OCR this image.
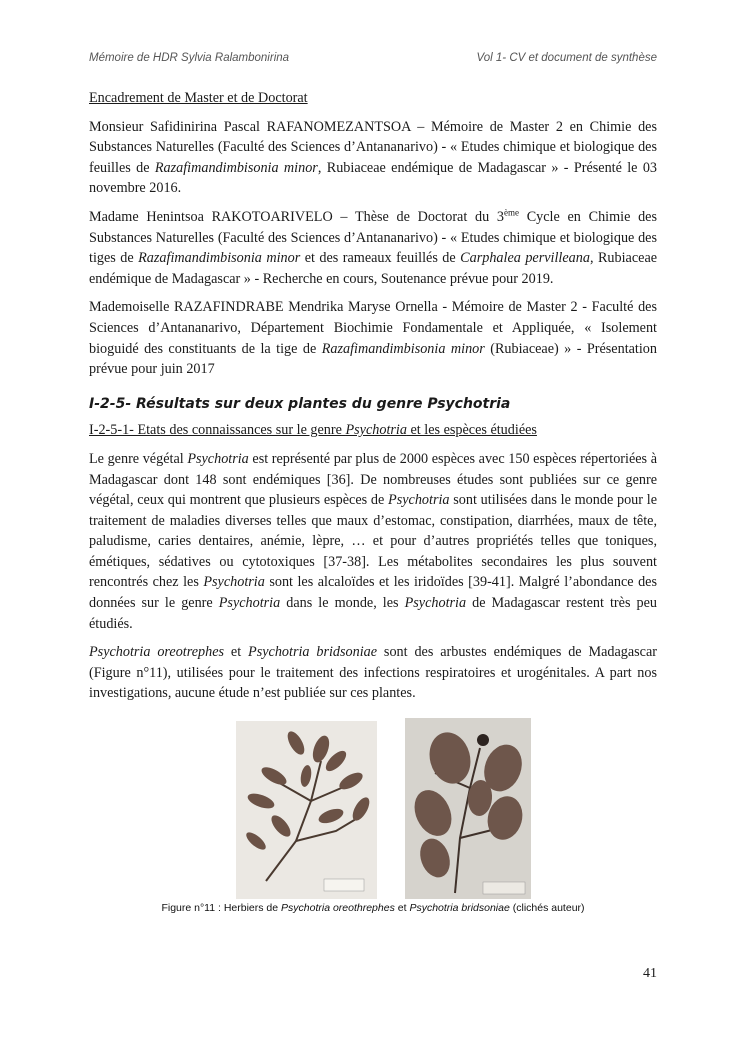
Mémoire de HDR Sylvia Ralambonirina	Vol 1- CV et document de synthèse

Encadrement de Master et de Doctorat

Monsieur Safidinirina Pascal RAFANOMEZANTSOA – Mémoire de Master 2 en Chimie des Substances Naturelles (Faculté des Sciences d’Antananarivo) - « Etudes chimique et biologique des feuilles de Razafimandimbisonia minor, Rubiaceae endémique de Madagascar » - Présenté le 03 novembre 2016.

Madame Henintsoa RAKOTOARIVELO – Thèse de Doctorat du 3ème Cycle en Chimie des Substances Naturelles (Faculté des Sciences d’Antananarivo) - « Etudes chimique et biologique des tiges de Razafimandimbisonia minor et des rameaux feuillés de Carphalea pervilleana, Rubiaceae endémique de Madagascar » - Recherche en cours, Soutenance prévue pour 2019.

Mademoiselle RAZAFINDRABE Mendrika Maryse Ornella - Mémoire de Master 2 - Faculté des Sciences d’Antananarivo, Département Biochimie Fondamentale et Appliquée, « Isolement bioguidé des constituants de la tige de Razafimandimbisonia minor (Rubiaceae) » - Présentation prévue pour juin 2017

I-2-5- Résultats sur deux plantes du genre Psychotria

I-2-5-1- Etats des connaissances sur le genre Psychotria et les espèces étudiées

Le genre végétal Psychotria est représenté par plus de 2000 espèces avec 150 espèces répertoriées à Madagascar dont 148 sont endémiques [36]. De nombreuses études sont publiées sur ce genre végétal, ceux qui montrent que plusieurs espèces de Psychotria sont utilisées dans le monde pour le traitement de maladies diverses telles que maux d’estomac, constipation, diarrhées, maux de tête, paludisme, caries dentaires, anémie, lèpre, … et pour d’autres propriétés telles que toniques, émétiques, sédatives ou cytotoxiques [37-38]. Les métabolites secondaires les plus souvent rencontrés chez les Psychotria sont les alcaloïdes et les iridoïdes [39-41]. Malgré l’abondance des données sur le genre Psychotria dans le monde, les Psychotria de Madagascar restent très peu étudiés.

Psychotria oreotrephes et Psychotria bridsoniae sont des arbustes endémiques de Madagascar (Figure n°11), utilisées pour le traitement des infections respiratoires et urogénitales. A part nos investigations, aucune étude n’est publiée sur ces plantes.

Figure n°11 : Herbiers de Psychotria oreothrephes et Psychotria bridsoniae (clichés auteur)
41
